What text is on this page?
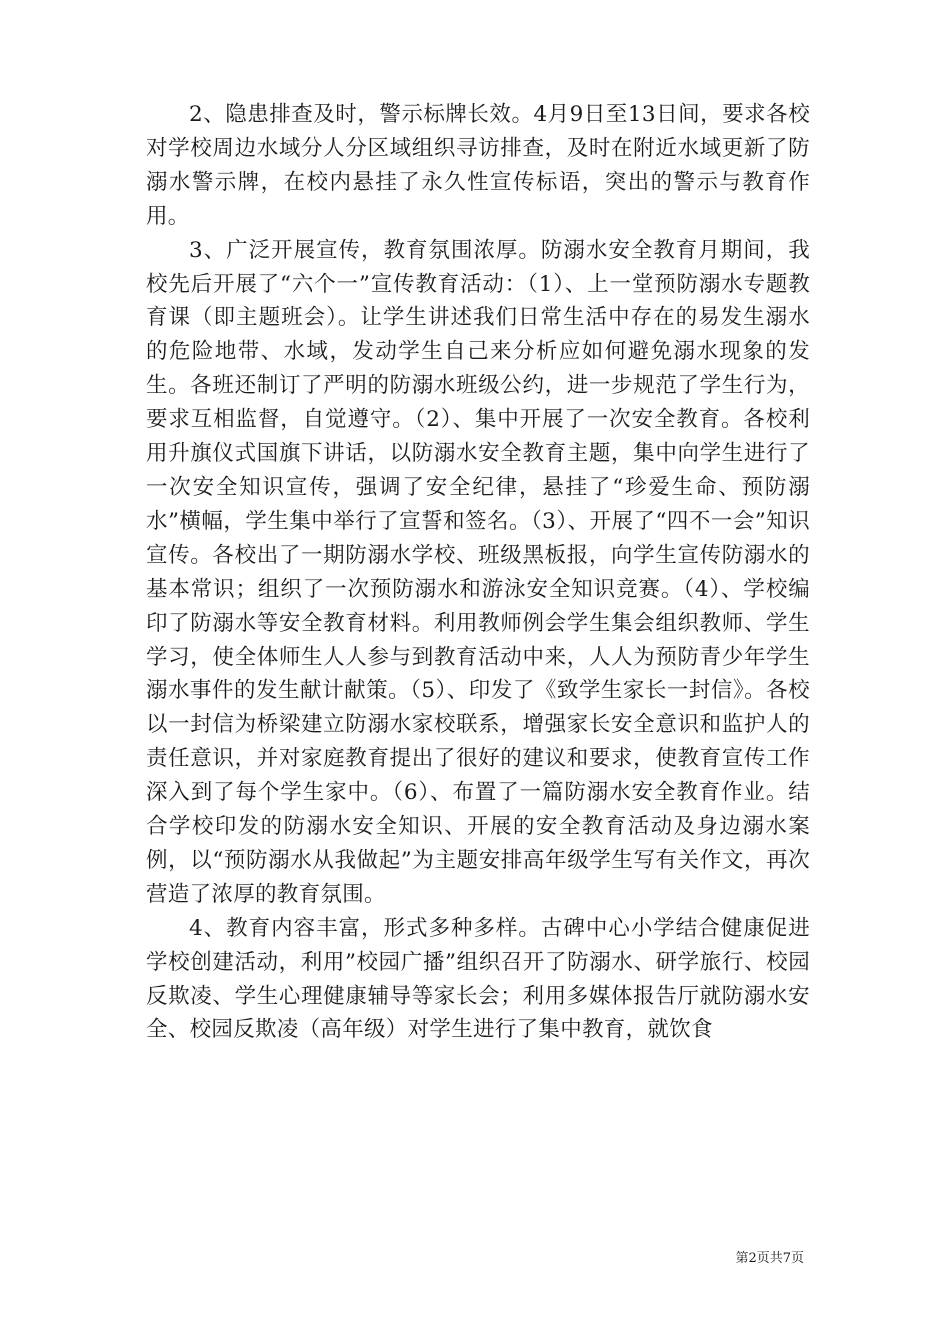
2、隐患排查及时，警示标牌长效。4月9日至13日间，要求各校对学校周边水域分人分区域组织寻访排查，及时在附近水域更新了防溺水警示牌，在校内悬挂了永久性宣传标语，突出的警示与教育作用。

3、广泛开展宣传，教育氛围浓厚。防溺水安全教育月期间，我校先后开展了“六个一”宣传教育活动：（1）、上一堂预防溺水专题教育课（即主题班会）。让学生讲述我们日常生活中存在的易发生溺水的危险地带、水域，发动学生自己来分析应如何避免溺水现象的发生。各班还制订了严明的防溺水班级公约，进一步规范了学生行为，要求互相监督，自觉遵守。（2）、集中开展了一次安全教育。各校利用升旗仪式国旗下讲话，以防溺水安全教育主题，集中向学生进行了一次安全知识宣传，强调了安全纪律，悬挂了“珍爱生命、预防溺水”横幅，学生集中举行了宣誓和签名。（3）、开展了“四不一会”知识宣传。各校出了一期防溺水学校、班级黑板报，向学生宣传防溺水的基本常识；组织了一次预防溺水和游泳安全知识竞赛。（4）、学校编印了防溺水等安全教育材料。利用教师例会学生集会组织教师、学生学习，使全体师生人人参与到教育活动中来，人人为预防青少年学生溺水事件的发生献计献策。（5）、印发了《致学生家长一封信》。各校以一封信为桥梁建立防溺水家校联系，增强家长安全意识和监护人的责任意识，并对家庭教育提出了很好的建议和要求，使教育宣传工作深入到了每个学生家中。（6）、布置了一篇防溺水安全教育作业。结合学校印发的防溺水安全知识、开展的安全教育活动及身边溺水案例，以“预防溺水从我做起”为主题安排高年级学生写有关作文，再次营造了浓厚的教育氛围。

4、教育内容丰富，形式多种多样。古碑中心小学结合健康促进学校创建活动，利用”校园广播”组织召开了防溺水、研学旅行、校园反欺凌、学生心理健康辅导等家长会；利用多媒体报告厅就防溺水安全、校园反欺凌（高年级）对学生进行了集中教育，就饮食

第2页共7页
